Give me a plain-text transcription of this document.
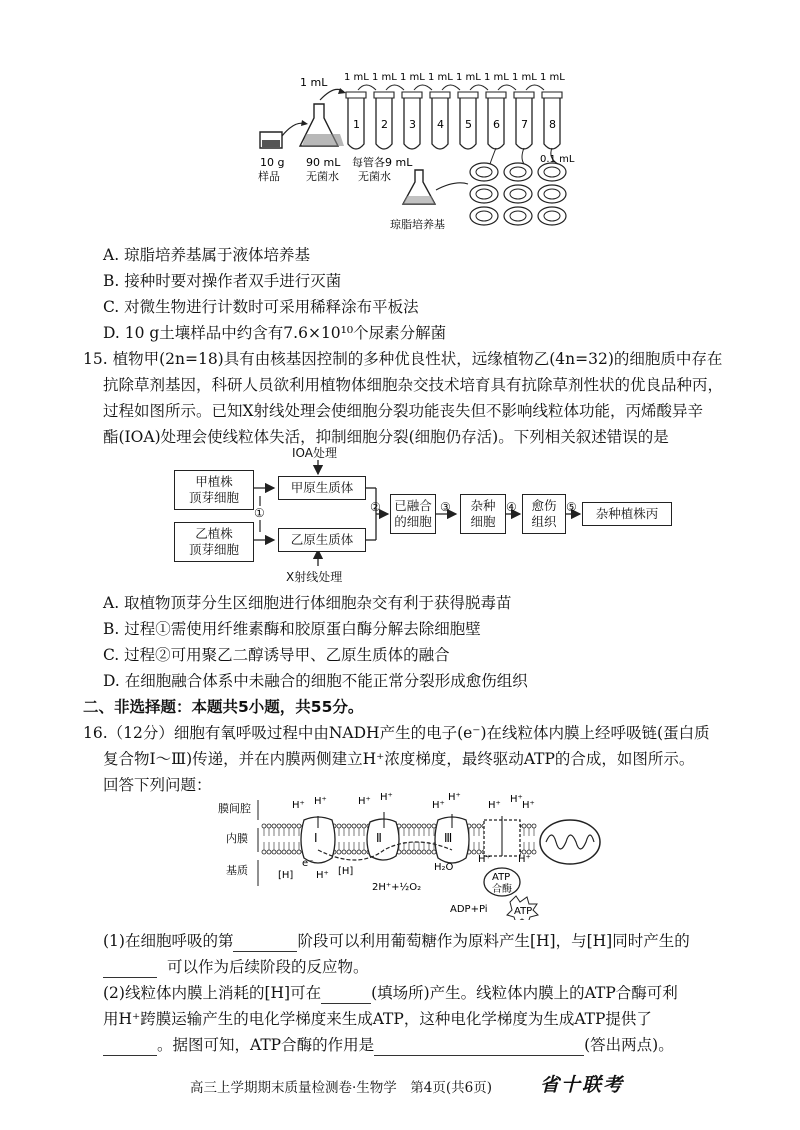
10 g
样品
90 mL
无菌水
1 mL
1
1 mL
2
1 mL
3
1 mL
4
1 mL
5
1 mL
6
1 mL
7
1 mL
8
1 mL
每管各9 mL
无菌水
琼脂培养基
0.1 mL
A. 琼脂培养基属于液体培养基
B. 接种时要对操作者双手进行灭菌
C. 对微生物进行计数时可采用稀释涂布平板法
D. 10 g土壤样品中约含有7.6×10¹⁰个尿素分解菌
15. 植物甲(2n=18)具有由核基因控制的多种优良性状，远缘植物乙(4n=32)的细胞质中存在
抗除草剂基因，科研人员欲利用植物体细胞杂交技术培育具有抗除草剂性状的优良品种丙，
过程如图所示。已知X射线处理会使细胞分裂功能丧失但不影响线粒体功能，丙烯酸异辛
酯(IOA)处理会使线粒体失活，抑制细胞分裂(细胞仍存活)。下列相关叙述错误的是
IOA处理
X射线处理
甲植株
顶芽细胞
乙植株
顶芽细胞
①
甲原生质体
乙原生质体
② 已融合
的细胞
③ 杂种
细胞
④ 愈伤
组织
⑤	杂种植株丙
A. 取植物顶芽分生区细胞进行体细胞杂交有利于获得脱毒苗
B. 过程①需使用纤维素酶和胶原蛋白酶分解去除细胞壁
C. 过程②可用聚乙二醇诱导甲、乙原生质体的融合
D. 在细胞融合体系中未融合的细胞不能正常分裂形成愈伤组织
二、非选择题：本题共5小题，共55分。
16.（12分）细胞有氧呼吸过程中由NADH产生的电子(e⁻)在线粒体内膜上经呼吸链(蛋白质
复合物Ⅰ～Ⅲ)传递，并在内膜两侧建立H⁺浓度梯度，最终驱动ATP的合成，如图所示。
回答下列问题：
膜间腔
内膜
基质
Ⅰ	Ⅱ	Ⅲ
ATP
合酶
H⁺ H⁺	H⁺ H⁺
H⁺
H⁺
H⁺
H⁺
H⁺
H⁺
H⁺
H⁺
e⁻
[H]	[H]	H₂O
2H⁺+½O₂
ADP+Pi	ATP
(1)在细胞呼吸的第	阶段可以利用葡萄糖作为原料产生[H]，与[H]同时产生的
可以作为后续阶段的反应物。
(2)线粒体内膜上消耗的[H]可在	(填场所)产生。线粒体内膜上的ATP合酶可利
用H⁺跨膜运输产生的电化学梯度来生成ATP，这种电化学梯度为生成ATP提供了
。据图可知，ATP合酶的作用是	(答出两点)。
高三上学期期末质量检测卷·生物学　第4页(共6页)	省十联考
